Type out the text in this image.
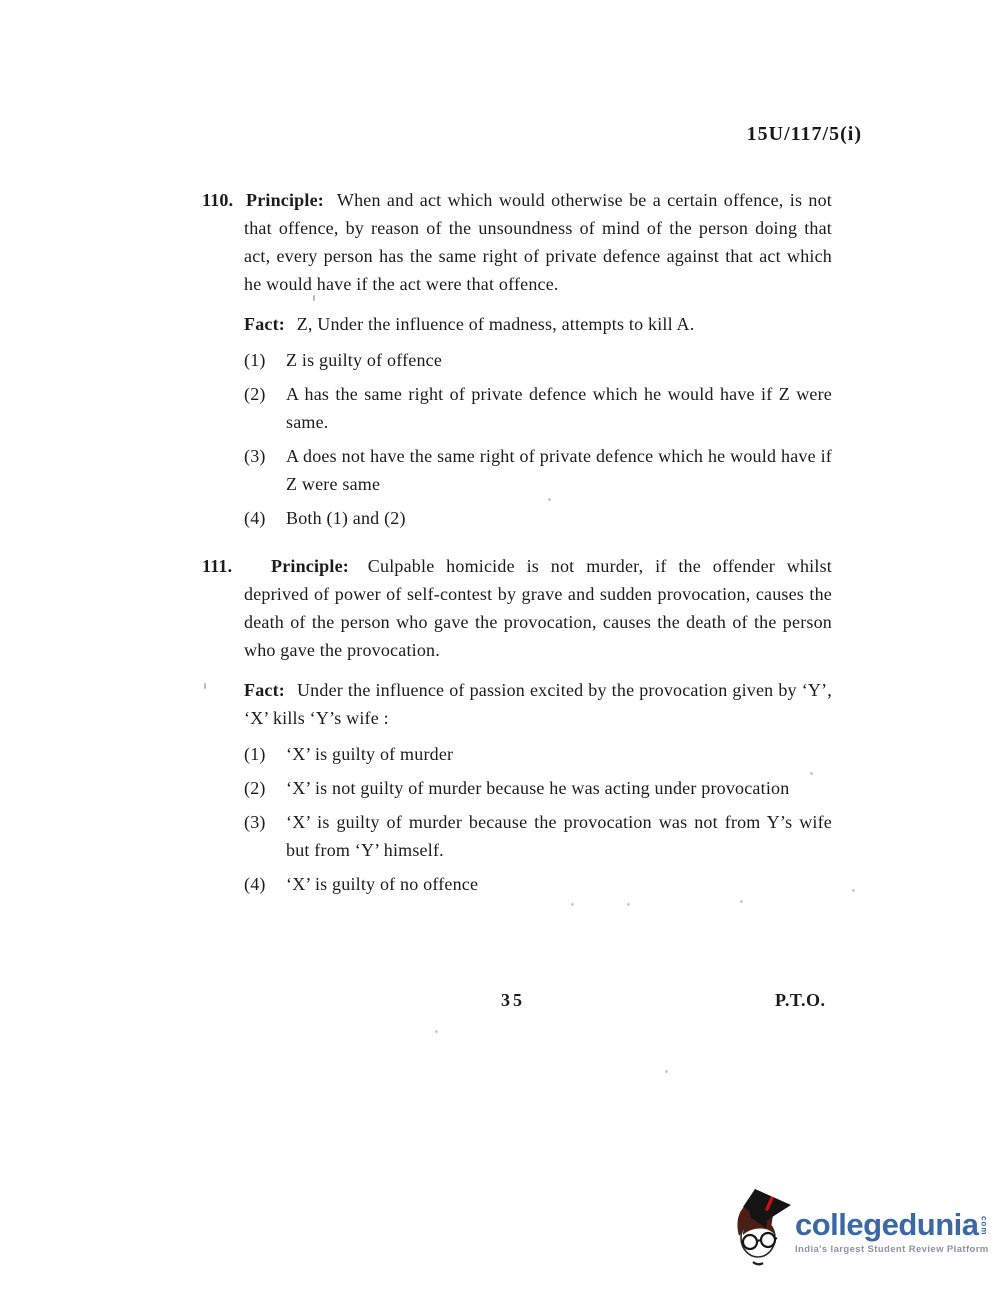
15U/117/5(i)

110. Principle: When and act which would otherwise be a certain offence, is not that offence, by reason of the unsoundness of mind of the person doing that act, every person has the same right of private defence against that act which he would have if the act were that offence.

Fact: Z, Under the influence of madness, attempts to kill A.

(1)	Z is guilty of offence
(2)	A has the same right of private defence which he would have if Z were same.
(3)	A does not have the same right of private defence which he would have if Z were same
(4)	Both (1) and (2)

111. Principle: Culpable homicide is not murder, if the offender whilst deprived of power of self-contest by grave and sudden provocation, causes the death of the person who gave the provocation, causes the death of the person who gave the provocation.

Fact: Under the influence of passion excited by the provocation given by ‘Y’, ‘X’ kills ‘Y’s wife :

(1)	‘X’ is guilty of murder
(2)	‘X’ is not guilty of murder because he was acting under provocation
(3)	‘X’ is guilty of murder because the provocation was not from Y’s wife but from ‘Y’ himself.
(4)	‘X’ is guilty of no offence
35	P.T.O.
collegedunia com
India's largest Student Review Platform
